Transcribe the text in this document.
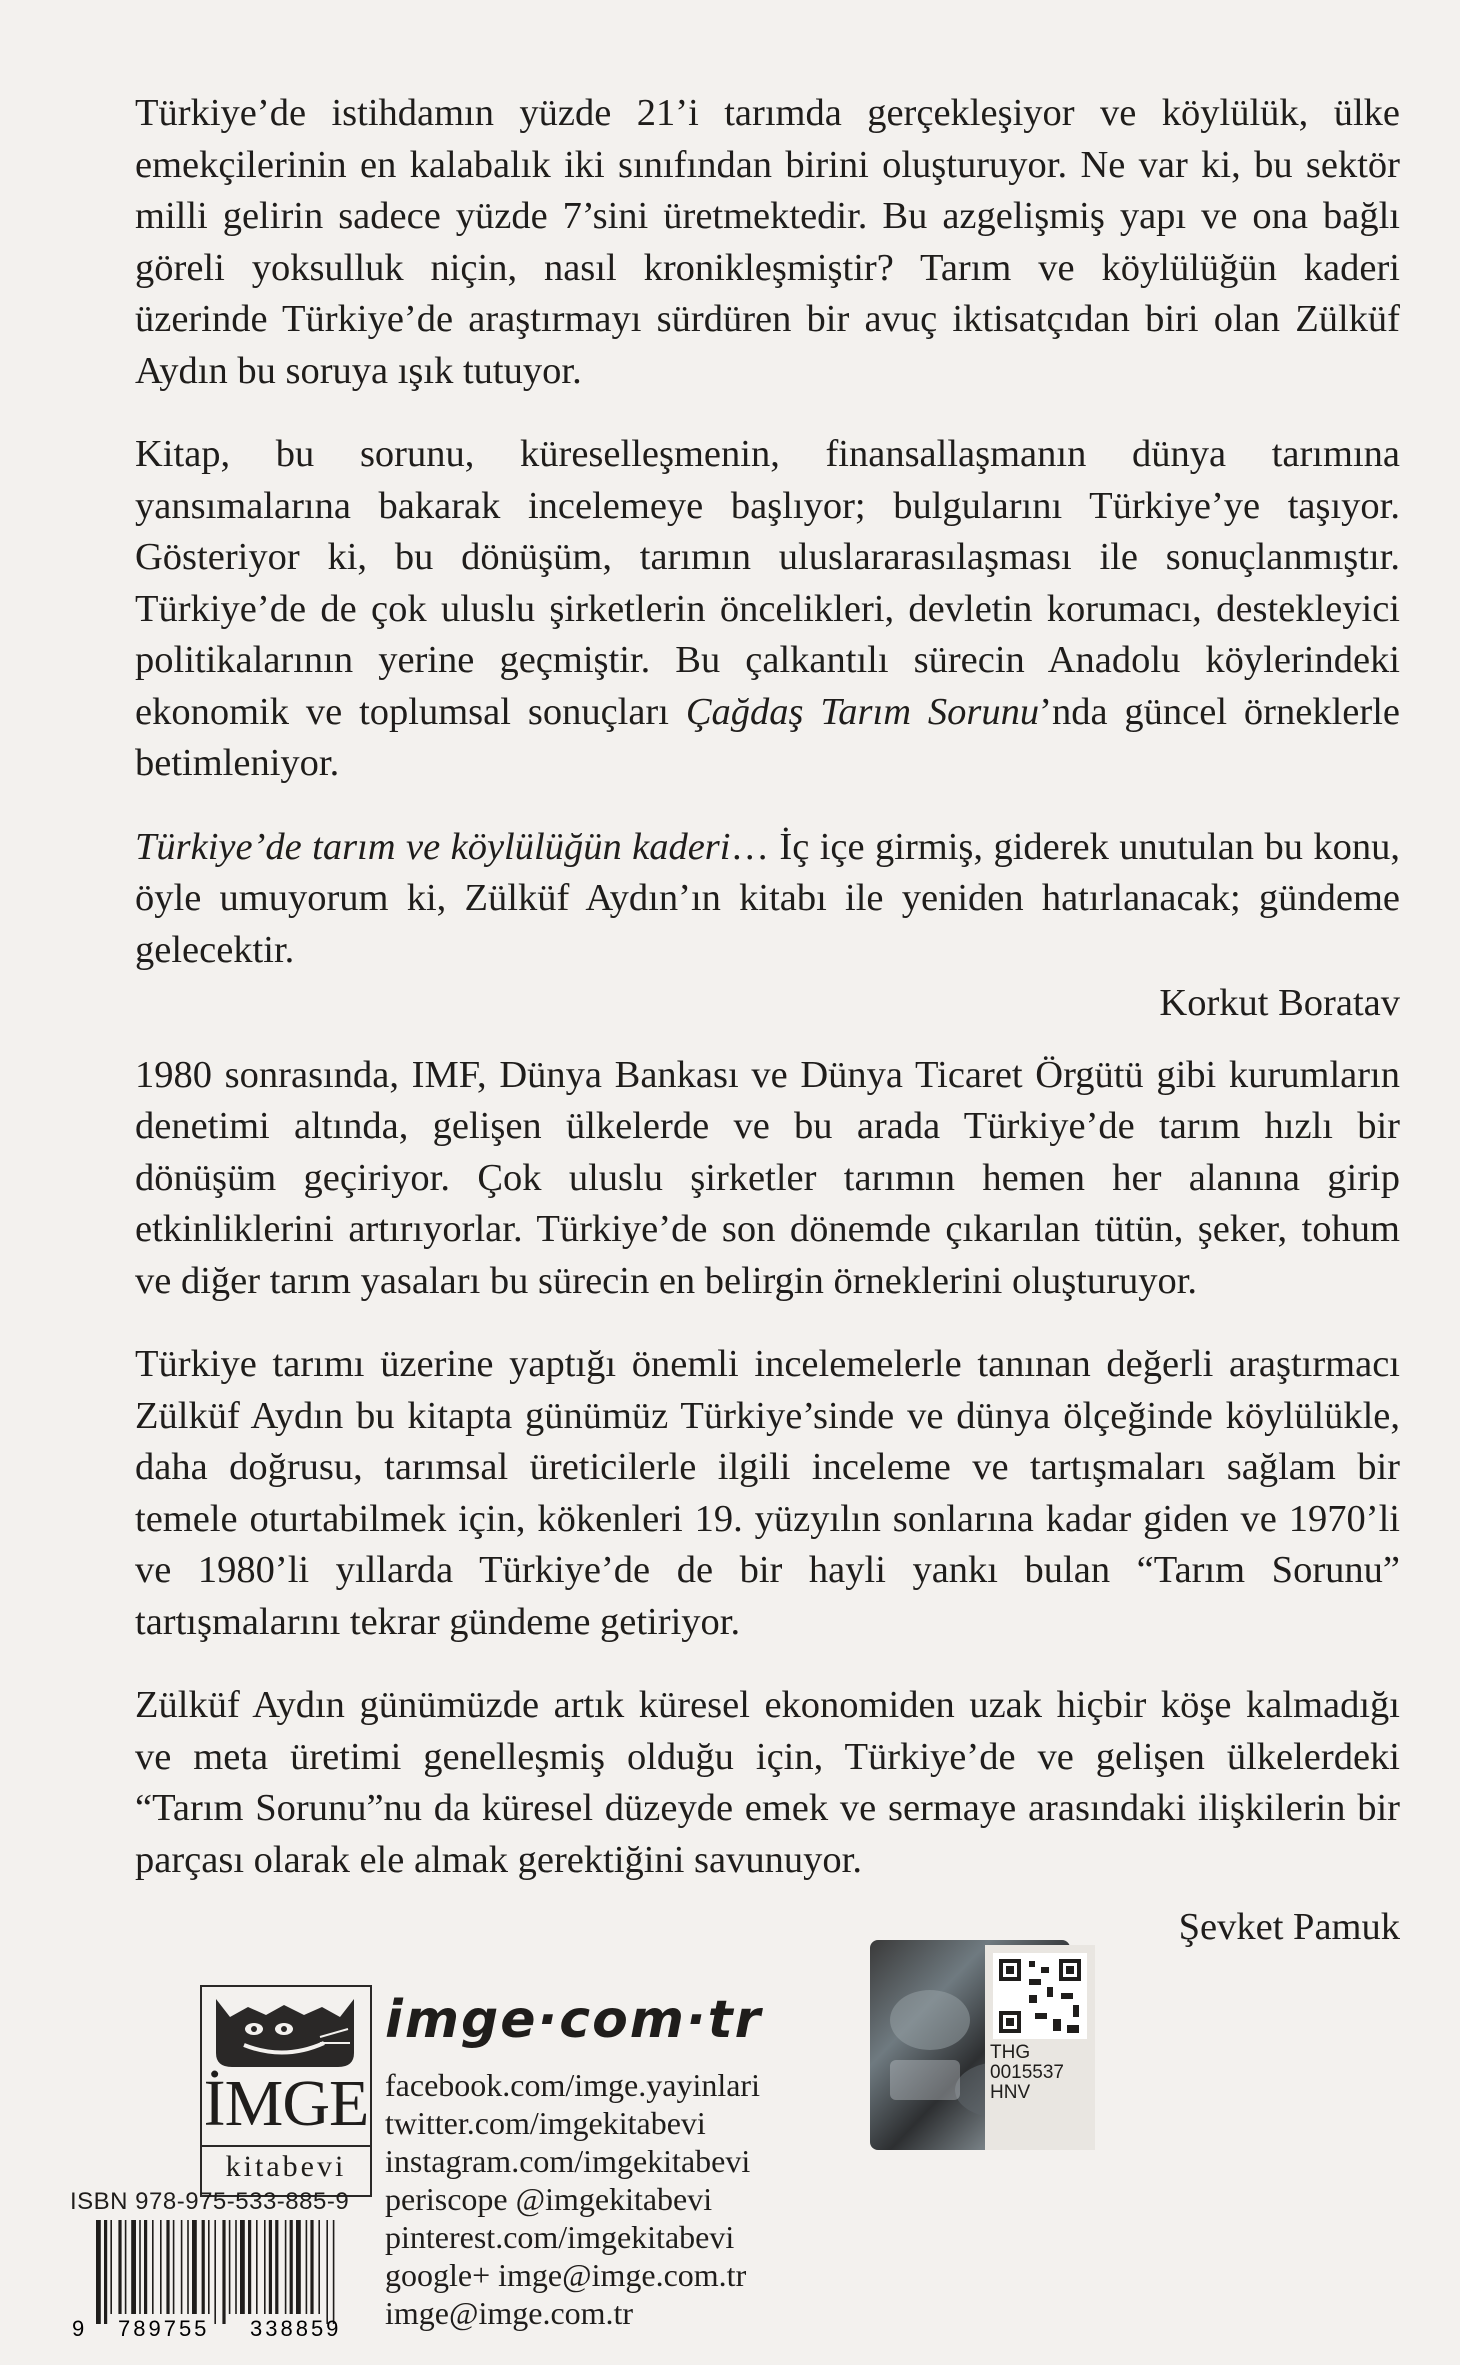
Türkiye’de istihdamın yüzde 21’i tarımda gerçekleşiyor ve köylülük, ülke emekçilerinin en kalabalık iki sınıfından birini oluşturuyor. Ne var ki, bu sektör milli gelirin sadece yüzde 7’sini üretmektedir. Bu azgelişmiş yapı ve ona bağlı göreli yoksulluk niçin, nasıl kronikleşmiştir? Tarım ve köylülüğün kaderi üzerinde Türkiye’de araştırmayı sürdüren bir avuç iktisatçıdan biri olan Zülküf Aydın bu soruya ışık tutuyor.

Kitap, bu sorunu, küreselleşmenin, finansallaşmanın dünya tarımına yansımalarına bakarak incelemeye başlıyor; bulgularını Türkiye’ye taşıyor. Gösteriyor ki, bu dönüşüm, tarımın uluslararasılaşması ile sonuçlanmıştır. Türkiye’de de çok uluslu şirketlerin öncelikleri, devletin korumacı, destekleyici politikalarının yerine geçmiştir. Bu çalkantılı sürecin Anadolu köylerindeki ekonomik ve toplumsal sonuçları Çağdaş Tarım Sorunu’nda güncel örneklerle betimleniyor.

Türkiye’de tarım ve köylülüğün kaderi… İç içe girmiş, giderek unutulan bu konu, öyle umuyorum ki, Zülküf Aydın’ın kitabı ile yeniden hatırlanacak; gündeme gelecektir.

Korkut Boratav

1980 sonrasında, IMF, Dünya Bankası ve Dünya Ticaret Örgütü gibi kurumların denetimi altında, gelişen ülkelerde ve bu arada Türkiye’de tarım hızlı bir dönüşüm geçiriyor. Çok uluslu şirketler tarımın hemen her alanına girip etkinliklerini artırıyorlar. Türkiye’de son dönemde çıkarılan tütün, şeker, tohum ve diğer tarım yasaları bu sürecin en belirgin örneklerini oluşturuyor.

Türkiye tarımı üzerine yaptığı önemli incelemelerle tanınan değerli araştırmacı Zülküf Aydın bu kitapta günümüz Türkiye’sinde ve dünya ölçeğinde köylülükle, daha doğrusu, tarımsal üreticilerle ilgili inceleme ve tartışmaları sağlam bir temele oturtabilmek için, kökenleri 19. yüzyılın sonlarına kadar giden ve 1970’li ve 1980’li yıllarda Türkiye’de de bir hayli yankı bulan “Tarım Sorunu” tartışmalarını tekrar gündeme getiriyor.

Zülküf Aydın günümüzde artık küresel ekonomiden uzak hiçbir köşe kalmadığı ve meta üretimi genelleşmiş olduğu için, Türkiye’de ve gelişen ülkelerdeki “Tarım Sorunu”nu da küresel düzeyde emek ve sermaye arasındaki ilişkilerin bir parçası olarak ele almak gerektiğini savunuyor.

Şevket Pamuk
İMGE
kitabevi
imge·com·tr
facebook.com/imge.yayinlari
twitter.com/imgekitabevi
instagram.com/imgekitabevi
periscope @imgekitabevi
pinterest.com/imgekitabevi
google+ imge@imge.com.tr
imge@imge.com.tr
ISBN 978-975-533-885-9
9 789755 338859
THG
0015537
HNV
